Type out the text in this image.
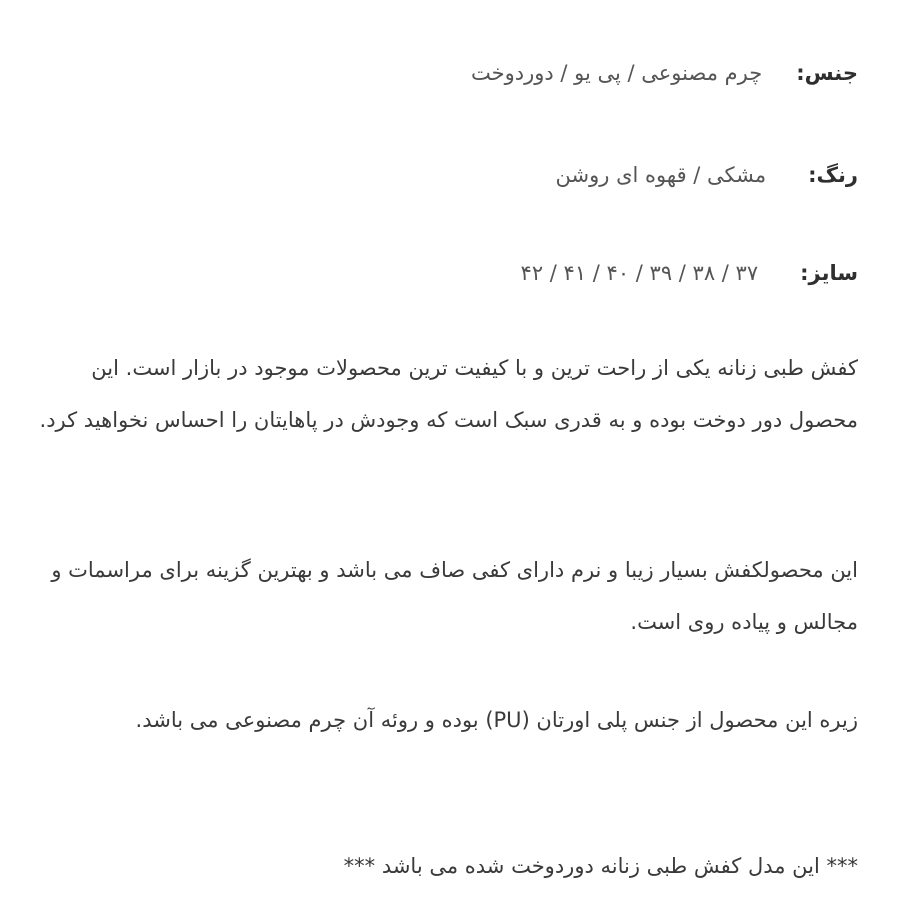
جنس:
چرم مصنوعی / پی یو / دوردوخت
رنگ:
مشکی / قهوه ای روشن
سایز:
۳۷ / ۳۸ / ۳۹ / ۴۰ / ۴۱ / ۴۲

کفش طبی زنانه یکی از راحت ترین و با کیفیت ترین محصولات موجود در بازار است. این محصول دور دوخت بوده و به قدری سبک است که وجودش در پاهایتان را احساس نخواهید کرد.

این محصولکفش بسیار زیبا و نرم دارای کفی صاف می باشد و بهترین گزینه برای مراسمات و مجالس و پیاده روی است.

زیره این محصول از جنس پلی اورتان (PU) بوده و روئه آن چرم مصنوعی می باشد.

*** این مدل کفش طبی زنانه دوردوخت شده می باشد ***
